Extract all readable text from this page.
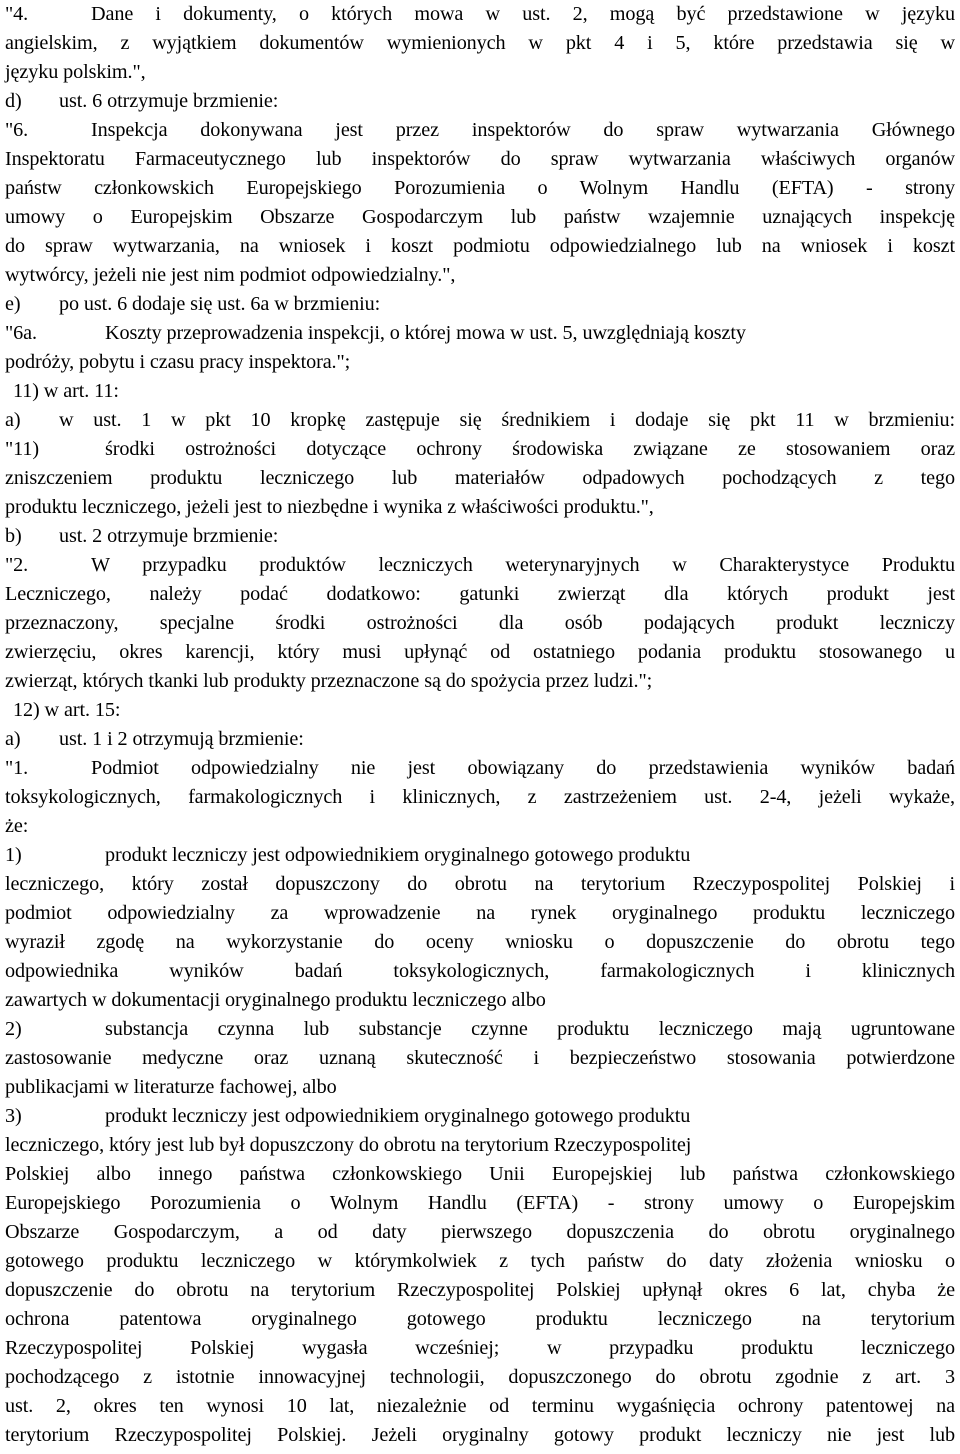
"4.	Dane i dokumenty, o których mowa w ust. 2, mogą być przedstawione w języku
angielskim, z wyjątkiem dokumentów wymienionych w pkt 4 i 5, które przedstawia się w
języku polskim.",
d) ust. 6 otrzymuje brzmienie:
"6.	Inspekcja dokonywana jest przez inspektorów do spraw wytwarzania Głównego
Inspektoratu Farmaceutycznego lub inspektorów do spraw wytwarzania właściwych organów
państw członkowskich Europejskiego Porozumienia o Wolnym Handlu (EFTA) - strony
umowy o Europejskim Obszarze Gospodarczym lub państw wzajemnie uznających inspekcję
do spraw wytwarzania, na wniosek i koszt podmiotu odpowiedzialnego lub na wniosek i koszt
wytwórcy, jeżeli nie jest nim podmiot odpowiedzialny.",
e) po ust. 6 dodaje się ust. 6a w brzmieniu:
"6a.	Koszty przeprowadzenia inspekcji, o której mowa w ust. 5, uwzględniają koszty
podróży, pobytu i czasu pracy inspektora.";
11) w art. 11:
a) w ust. 1 w pkt 10 kropkę zastępuje się średnikiem i dodaje się pkt 11 w brzmieniu:
"11)	środki ostrożności dotyczące ochrony środowiska związane ze stosowaniem oraz
zniszczeniem produktu leczniczego lub materiałów odpadowych pochodzących z tego
produktu leczniczego, jeżeli jest to niezbędne i wynika z właściwości produktu.",
b) ust. 2 otrzymuje brzmienie:
"2.	W przypadku produktów leczniczych weterynaryjnych w Charakterystyce Produktu
Leczniczego, należy podać dodatkowo: gatunki zwierząt dla których produkt jest
przeznaczony, specjalne środki ostrożności dla osób podających produkt leczniczy
zwierzęciu, okres karencji, który musi upłynąć od ostatniego podania produktu stosowanego u
zwierząt, których tkanki lub produkty przeznaczone są do spożycia przez ludzi.";
12) w art. 15:
a) ust. 1 i 2 otrzymują brzmienie:
"1.	Podmiot odpowiedzialny nie jest obowiązany do przedstawienia wyników badań
toksykologicznych, farmakologicznych i klinicznych, z zastrzeżeniem ust. 2-4, jeżeli wykaże,
że:
1)	produkt leczniczy jest odpowiednikiem oryginalnego gotowego produktu
leczniczego, który został dopuszczony do obrotu na terytorium Rzeczypospolitej Polskiej i
podmiot odpowiedzialny za wprowadzenie na rynek oryginalnego produktu leczniczego
wyraził zgodę na wykorzystanie do oceny wniosku o dopuszczenie do obrotu tego
odpowiednika wyników badań toksykologicznych, farmakologicznych i klinicznych
zawartych w dokumentacji oryginalnego produktu leczniczego albo
2)	substancja czynna lub substancje czynne produktu leczniczego mają ugruntowane
zastosowanie medyczne oraz uznaną skuteczność i bezpieczeństwo stosowania potwierdzone
publikacjami w literaturze fachowej, albo
3)	produkt leczniczy jest odpowiednikiem oryginalnego gotowego produktu
leczniczego, który jest lub był dopuszczony do obrotu na terytorium Rzeczypospolitej
Polskiej albo innego państwa członkowskiego Unii Europejskiej lub państwa członkowskiego
Europejskiego Porozumienia o Wolnym Handlu (EFTA) - strony umowy o Europejskim
Obszarze Gospodarczym, a od daty pierwszego dopuszczenia do obrotu oryginalnego
gotowego produktu leczniczego w którymkolwiek z tych państw do daty złożenia wniosku o
dopuszczenie do obrotu na terytorium Rzeczypospolitej Polskiej upłynął okres 6 lat, chyba że
ochrona patentowa oryginalnego gotowego produktu leczniczego na terytorium
Rzeczypospolitej Polskiej wygasła wcześniej; w przypadku produktu leczniczego
pochodzącego z istotnie innowacyjnej technologii, dopuszczonego do obrotu zgodnie z art. 3
ust. 2, okres ten wynosi 10 lat, niezależnie od terminu wygaśnięcia ochrony patentowej na
terytorium Rzeczypospolitej Polskiej. Jeżeli oryginalny gotowy produkt leczniczy nie jest lub
